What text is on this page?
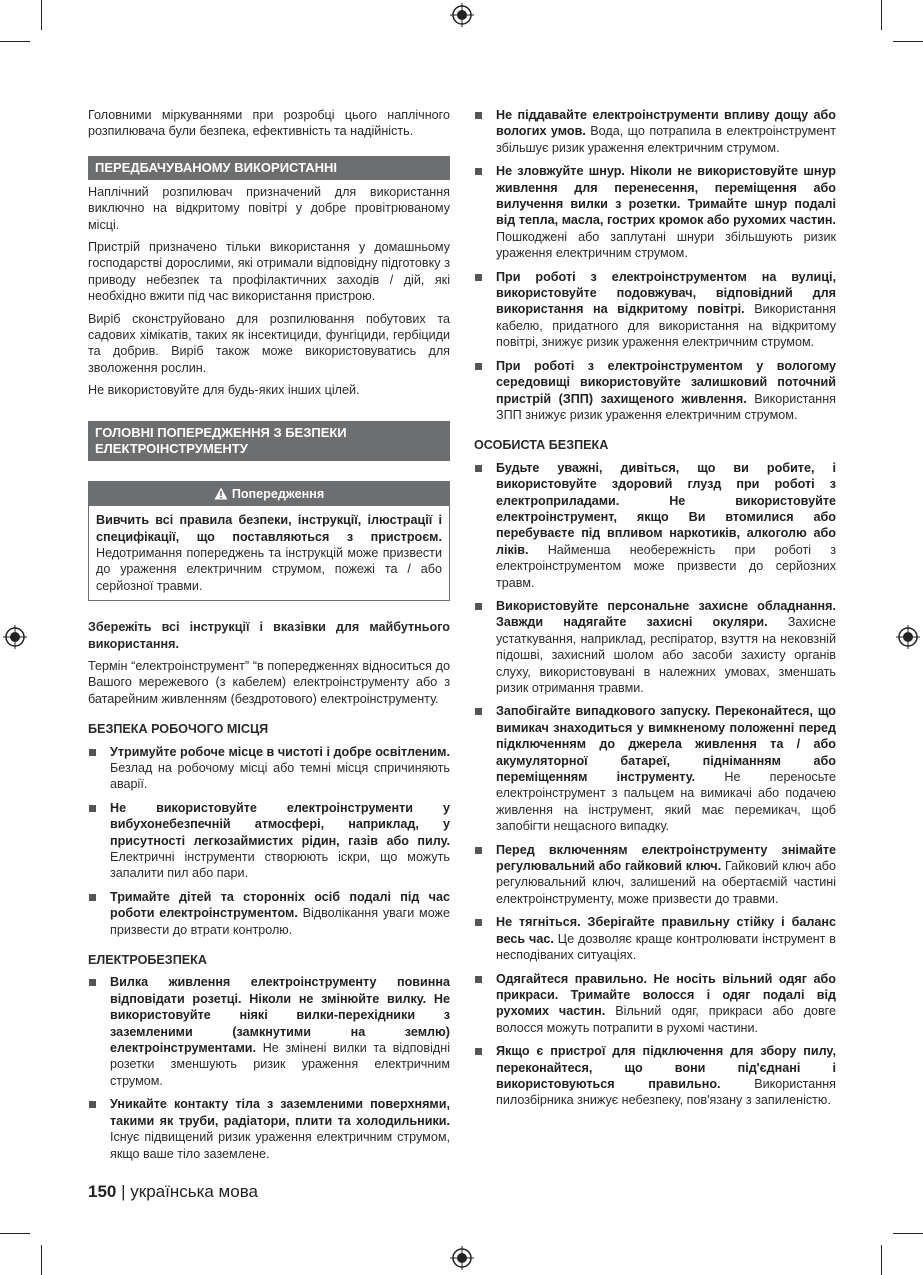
Головними міркуваннями при розробці цього наплічного розпилювача були безпека, ефективність та надійність.

ПЕРЕДБАЧУВАНОМУ ВИКОРИСТАННІ

Наплічний розпилювач призначений для використання виключно на відкритому повітрі у добре провітрюваному місці.

Пристрій призначено тільки використання у домашньому господарстві дорослими, які отримали відповідну підготовку з приводу небезпек та профілактичних заходів / дій, які необхідно вжити під час використання пристрою.

Виріб сконструйовано для розпилювання побутових та садових хімікатів, таких як інсектициди, фунгіциди, гербіциди та добрив. Виріб також може використовуватись для зволоження рослин.

Не використовуйте для будь-яких інших цілей.

ГОЛОВНІ ПОПЕРЕДЖЕННЯ З БЕЗПЕКИ ЕЛЕКТРОІНСТРУМЕНТУ
Попередження
Вивчить всі правила безпеки, інструкції, ілюстрації і специфікації, що поставляються з пристроєм. Недотримання попереджень та інструкцій може призвести до ураження електричним струмом, пожежі та / або серйозної травми.

Збережіть всі інструкції і вказівки для майбутнього використання.

Термін “електроінструмент” “в попередженнях відноситься до Вашого мережевого (з кабелем) електроінструменту або з батарейним живленням (бездротового) електроінструменту.

БЕЗПЕКА РОБОЧОГО МІСЦЯ
Утримуйте робоче місце в чистоті і добре освітленим. Безлад на робочому місці або темні місця спричиняють аварії.
Не використовуйте електроінструменти у вибухонебезпечній атмосфері, наприклад, у присутності легкозаймистих рідин, газів або пилу. Електричні інструменти створюють іскри, що можуть запалити пил або пари.
Тримайте дітей та сторонніх осіб подалі під час роботи електроінструментом. Відволікання уваги може призвести до втрати контролю.
ЕЛЕКТРОБЕЗПЕКА
Вилка живлення електроінструменту повинна відповідати розетці. Ніколи не змінюйте вилку. Не використовуйте ніякі вилки-перехідники з заземленими (замкнутими на землю) електроінструментами. Не змінені вилки та відповідні розетки зменшують ризик ураження електричним струмом.
Уникайте контакту тіла з заземленими поверхнями, такими як труби, радіатори, плити та холодильники. Існує підвищений ризик ураження електричним струмом, якщо ваше тіло заземлене.
Не піддавайте електроінструменти впливу дощу або вологих умов. Вода, що потрапила в електроінструмент збільшує ризик ураження електричним струмом.
Не зловжуйте шнур. Ніколи не використовуйте шнур живлення для перенесення, переміщення або вилучення вилки з розетки. Тримайте шнур подалі від тепла, масла, гострих кромок або рухомих частин. Пошкоджені або заплутані шнури збільшують ризик ураження електричним струмом.
При роботі з електроінструментом на вулиці, використовуйте подовжувач, відповідний для використання на відкритому повітрі. Використання кабелю, придатного для використання на відкритому повітрі, знижує ризик ураження електричним струмом.
При роботі з електроінструментом у вологому середовищі використовуйте залишковий поточний пристрій (ЗПП) захищеного живлення. Використання ЗПП знижує ризик ураження електричним струмом.
ОСОБИСТА БЕЗПЕКА
Будьте уважні, дивіться, що ви робите, і використовуйте здоровий глузд при роботі з електроприладами. Не використовуйте електроінструмент, якщо Ви втомилися або перебуваєте під впливом наркотиків, алкоголю або ліків. Найменша необережність при роботі з електроінструментом може призвести до серйозних травм.
Використовуйте персональне захисне обладнання. Завжди надягайте захисні окуляри. Захисне устаткування, наприклад, респіратор, взуття на нековзній підошві, захисний шолом або засоби захисту органів слуху, використовувані в належних умовах, зменшать ризик отримання травми.
Запобігайте випадкового запуску. Переконайтеся, що вимикач знаходиться у вимкненому положенні перед підключенням до джерела живлення та / або акумуляторної батареї, підніманням або переміщенням інструменту. Не переносьте електроінструмент з пальцем на вимикачі або подачею живлення на інструмент, який має перемикач, щоб запобігти нещасного випадку.
Перед включенням електроінструменту знімайте регулювальний або гайковий ключ. Гайковий ключ або регулювальний ключ, залишений на обертаємій частині електроінструменту, може призвести до травми.
Не тягніться. Зберігайте правильну стійку і баланс весь час. Це дозволяє краще контролювати інструмент в несподіваних ситуаціях.
Одягайтеся правильно. Не носіть вільний одяг або прикраси. Тримайте волосся і одяг подалі від рухомих частин. Вільний одяг, прикраси або довге волосся можуть потрапити в рухомі частини.
Якщо є пристрої для підключення для збору пилу, переконайтеся, що вони під'єднані і використовуються правильно. Використання пилозбірника знижує небезпеку, пов'язану з запиленістю.
150 | українська мова
